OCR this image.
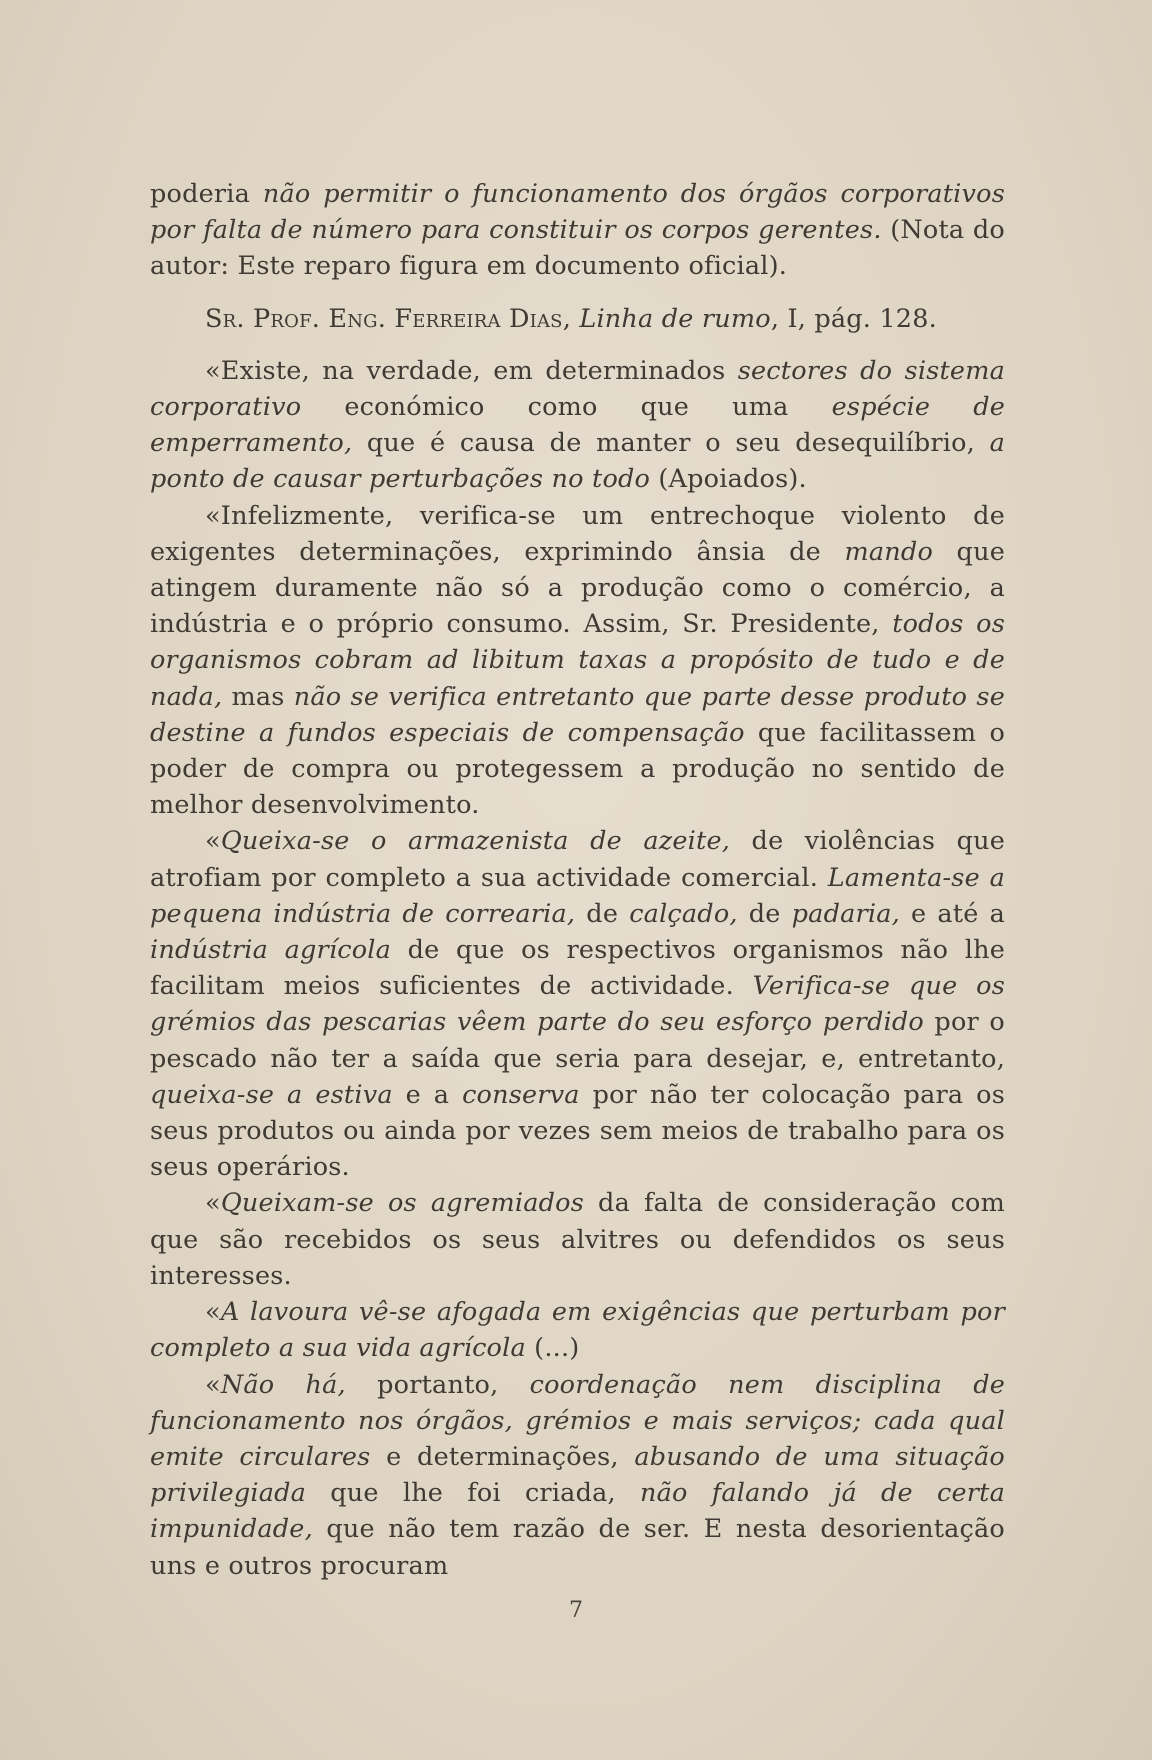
poderia não permitir o funcionamento dos órgãos corporativos por falta de número para constituir os corpos gerentes. (Nota do autor: Este reparo figura em documento oficial).

Sr. Prof. Eng. Ferreira Dias, Linha de rumo, I, pág. 128.

«Existe, na verdade, em determinados sectores do sistema corporativo económico como que uma espécie de emperramento, que é causa de manter o seu desequilíbrio, a ponto de causar perturbações no todo (Apoiados).

«Infelizmente, verifica-se um entrechoque violento de exigentes determinações, exprimindo ânsia de mando que atingem duramente não só a produção como o comércio, a indústria e o próprio consumo. Assim, Sr. Presidente, todos os organismos cobram ad libitum taxas a propósito de tudo e de nada, mas não se verifica entretanto que parte desse produto se destine a fundos especiais de compensação que facilitassem o poder de compra ou protegessem a produção no sentido de melhor desenvolvimento.

«Queixa-se o armazenista de azeite, de violências que atrofiam por completo a sua actividade comercial. Lamenta-se a pequena indústria de correaria, de calçado, de padaria, e até a indústria agrícola de que os respectivos organismos não lhe facilitam meios suficientes de actividade. Verifica-se que os grémios das pescarias vêem parte do seu esforço perdido por o pescado não ter a saída que seria para desejar, e, entretanto, queixa-se a estiva e a conserva por não ter colocação para os seus produtos ou ainda por vezes sem meios de trabalho para os seus operários.

«Queixam-se os agremiados da falta de consideração com que são recebidos os seus alvitres ou defendidos os seus interesses.

«A lavoura vê-se afogada em exigências que perturbam por completo a sua vida agrícola (...)

«Não há, portanto, coordenação nem disciplina de funcionamento nos órgãos, grémios e mais serviços; cada qual emite circulares e determinações, abusando de uma situação privilegiada que lhe foi criada, não falando já de certa impunidade, que não tem razão de ser. E nesta desorientação uns e outros procuram

7
